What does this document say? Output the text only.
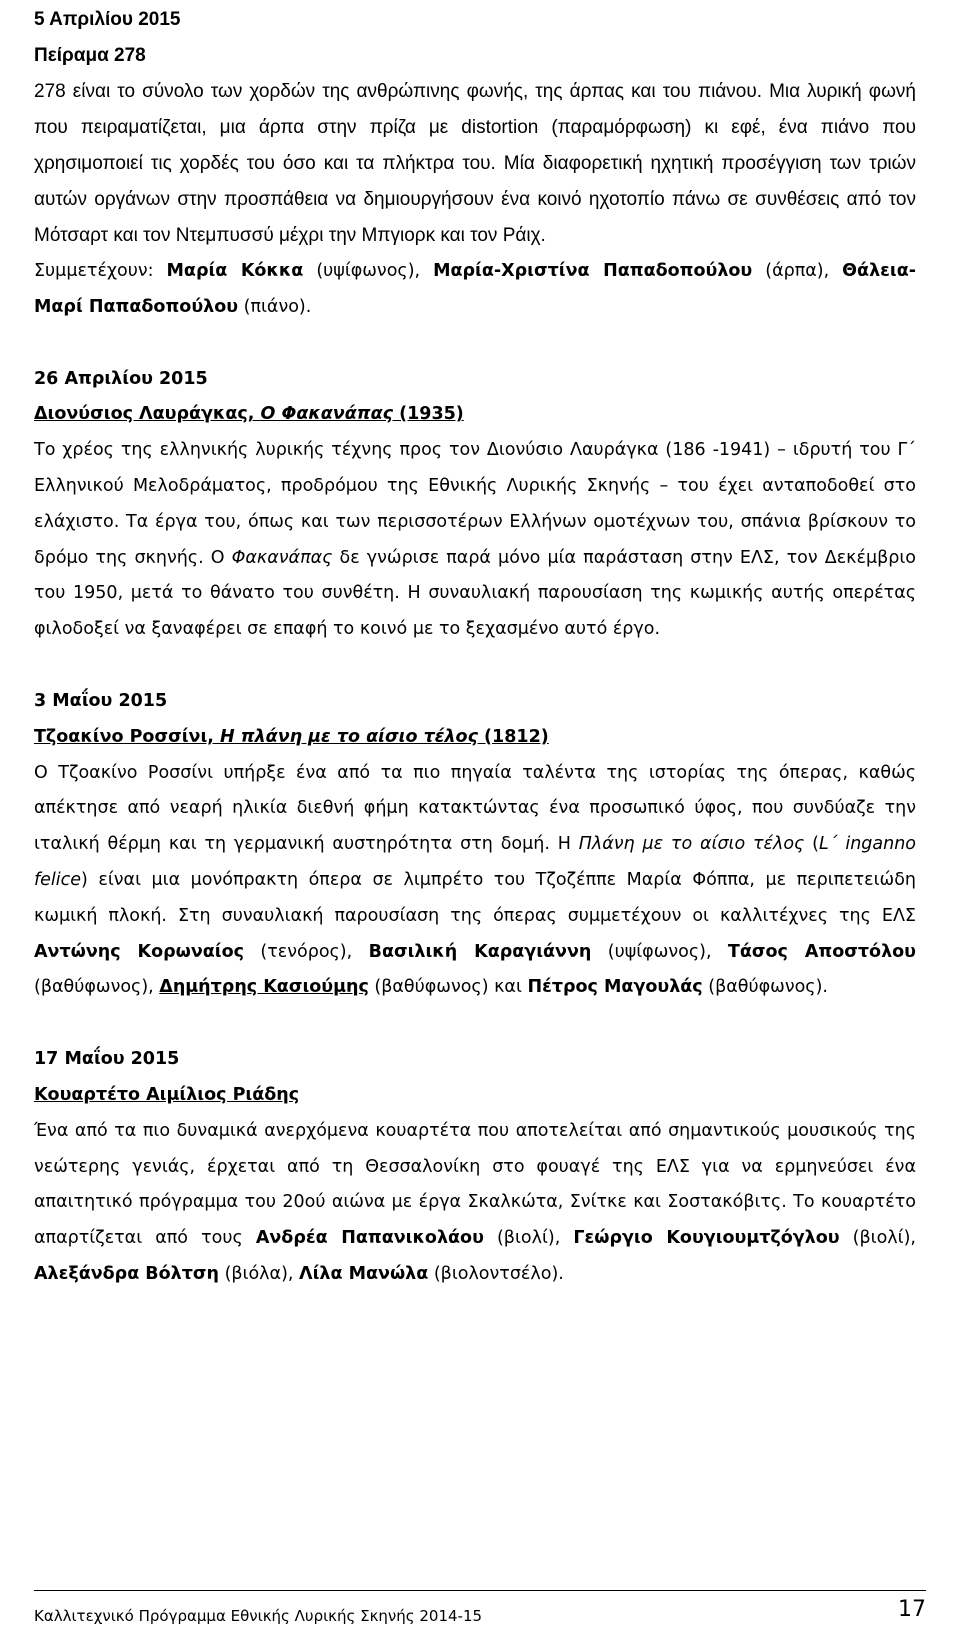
5 Απριλίου 2015

Πείραμα 278

278 είναι το σύνολο των χορδών της ανθρώπινης φωνής, της άρπας και του πιάνου. Μια λυρική φωνή που πειραματίζεται, μια άρπα στην πρίζα με distortion (παραμόρφωση) κι εφέ, ένα πιάνο που χρησιμοποιεί τις χορδές του όσο και τα πλήκτρα του. Μία διαφορετική ηχητική προσέγγιση των τριών αυτών οργάνων στην προσπάθεια να δημιουργήσουν ένα κοινό ηχοτοπίο πάνω σε συνθέσεις από τον Μότσαρτ και τον Ντεμπυσσύ μέχρι την Μπγιορκ και τον Ράιχ.

Συμμετέχουν: Μαρία Κόκκα (υψίφωνος), Μαρία-Χριστίνα Παπαδοπούλου (άρπα), Θάλεια- Μαρί Παπαδοπούλου (πιάνο).

26 Απριλίου 2015

Διονύσιος Λαυράγκας, Ο Φακανάπας (1935)

Το χρέος της ελληνικής λυρικής τέχνης προς τον Διονύσιο Λαυράγκα (186 -1941) – ιδρυτή του Γ΄ Ελληνικού Μελοδράματος, προδρόμου της Εθνικής Λυρικής Σκηνής – του έχει ανταποδοθεί στο ελάχιστο. Τα έργα του, όπως και των περισσοτέρων Ελλήνων ομοτέχνων του, σπάνια βρίσκουν το δρόμο της σκηνής. Ο Φακανάπας δε γνώρισε παρά μόνο μία παράσταση στην ΕΛΣ, τον Δεκέμβριο του 1950, μετά το θάνατο του συνθέτη. Η συναυλιακή παρουσίαση της κωμικής αυτής οπερέτας φιλοδοξεί να ξαναφέρει σε επαφή το κοινό με το ξεχασμένο αυτό έργο.

3 Μαΐου 2015

Τζοακίνο Ροσσίνι, Η πλάνη με το αίσιο τέλος (1812)

Ο Τζοακίνο Ροσσίνι υπήρξε ένα από τα πιο πηγαία ταλέντα της ιστορίας της όπερας, καθώς απέκτησε από νεαρή ηλικία διεθνή φήμη κατακτώντας ένα προσωπικό ύφος, που συνδύαζε την ιταλική θέρμη και τη γερμανική αυστηρότητα στη δομή. Η Πλάνη με το αίσιο τέλος (L΄ inganno felice) είναι μια μονόπρακτη όπερα σε λιμπρέτο του Τζοζέππε Μαρία Φόππα, με περιπετειώδη κωμική πλοκή. Στη συναυλιακή παρουσίαση της όπερας συμμετέχουν οι καλλιτέχνες της ΕΛΣ Αντώνης Κορωναίος (τενόρος), Βασιλική Καραγιάννη (υψίφωνος), Τάσος Αποστόλου (βαθύφωνος), Δημήτρης Κασιούμης (βαθύφωνος) και Πέτρος Μαγουλάς (βαθύφωνος).

17 Μαΐου 2015

Κουαρτέτο Αιμίλιος Ριάδης

Ένα από τα πιο δυναμικά ανερχόμενα κουαρτέτα που αποτελείται από σημαντικούς μουσικούς της νεώτερης γενιάς, έρχεται από τη Θεσσαλονίκη στο φουαγέ της ΕΛΣ για να ερμηνεύσει ένα απαιτητικό πρόγραμμα του 20ού αιώνα με έργα Σκαλκώτα, Σνίτκε και Σοστακόβιτς. Το κουαρτέτο απαρτίζεται από τους Ανδρέα Παπανικολάου (βιολί), Γεώργιο Κουγιουμτζόγλου (βιολί), Αλεξάνδρα Βόλτση (βιόλα), Λίλα Μανώλα (βιολοντσέλο).

Καλλιτεχνικό Πρόγραμμα Εθνικής Λυρικής Σκηνής 2014-15	17
